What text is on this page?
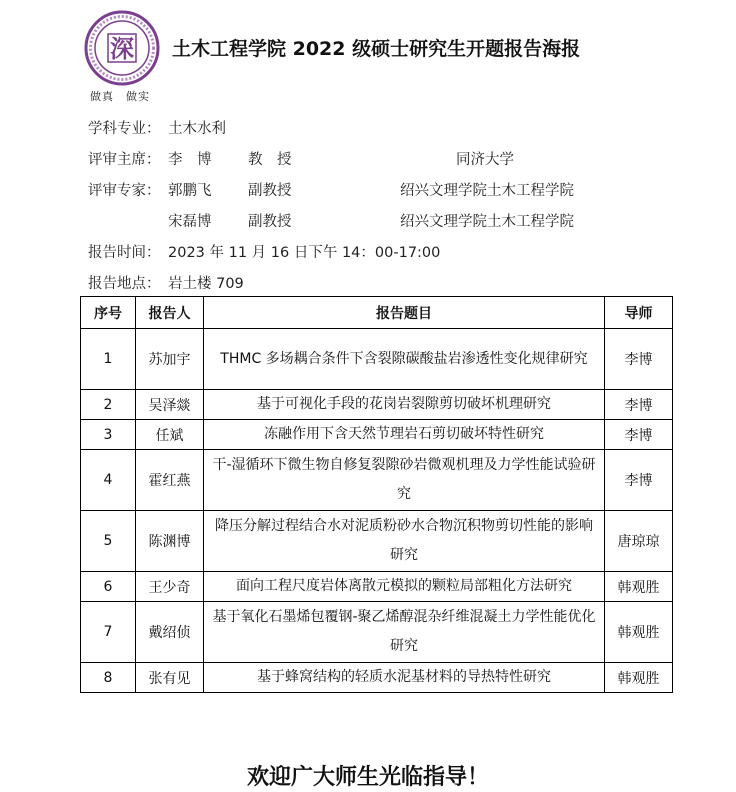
深
做真　做实
土木工程学院 2022 级硕士研究生开题报告海报
学科专业： 土木水利
评审主席： 李　博	教　授	同济大学
评审专家： 郭鹏飞	副教授	绍兴文理学院土木工程学院
宋磊博	副教授	绍兴文理学院土木工程学院
报告时间： 2023 年 11 月 16 日下午 14：00-17:00
报告地点： 岩土楼 709
序号	报告人	报告题目	导师
1	苏加宇	THMC 多场耦合条件下含裂隙碳酸盐岩渗透性变化规律研究	李博
2	吴泽燚	基于可视化手段的花岗岩裂隙剪切破坏机理研究	李博
3	任斌	冻融作用下含天然节理岩石剪切破坏特性研究	李博
4	霍红燕	干-湿循环下微生物自修复裂隙砂岩微观机理及力学性能试验研究	李博
5	陈渊博	降压分解过程结合水对泥质粉砂水合物沉积物剪切性能的影响研究	唐琼琼
6	王少奇	面向工程尺度岩体离散元模拟的颗粒局部粗化方法研究	韩观胜
7	戴绍侦	基于氧化石墨烯包覆钢-聚乙烯醇混杂纤维混凝土力学性能优化研究	韩观胜
8	张有见	基于蜂窝结构的轻质水泥基材料的导热特性研究	韩观胜
欢迎广大师生光临指导！
